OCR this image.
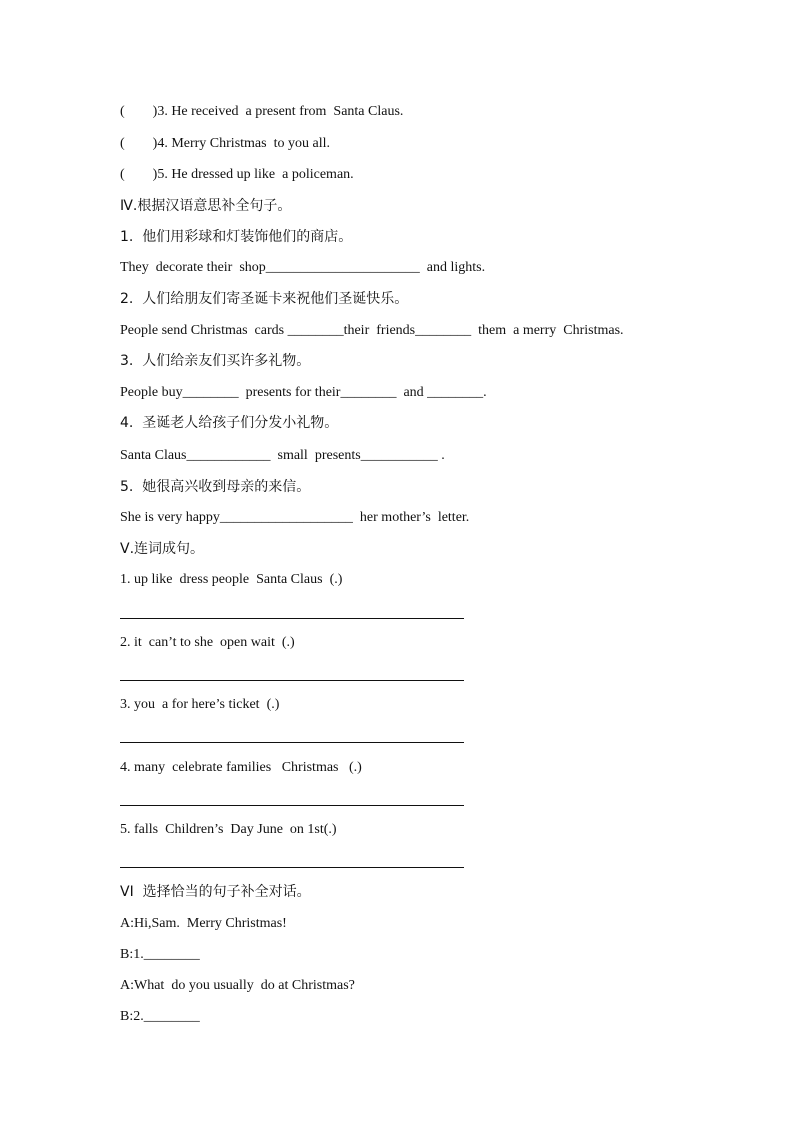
(        )3. He received  a present from  Santa Claus.
(        )4. Merry Christmas  to you all.
(        )5. He dressed up like  a policeman.
Ⅳ.根据汉语意思补全句子。
1.  他们用彩球和灯装饰他们的商店。
They  decorate their  shop______________________  and lights.
2.  人们给朋友们寄圣诞卡来祝他们圣诞快乐。
People send Christmas  cards ________their  friends________  them  a merry  Christmas.
3.  人们给亲友们买许多礼物。
People buy________  presents for their________  and ________.
4.  圣诞老人给孩子们分发小礼物。
Santa Claus____________  small  presents___________ .
5.  她很高兴收到母亲的来信。
She is very happy___________________  her mother’s  letter.
Ⅴ.连词成句。
1. up like  dress people  Santa Claus  (.)
2. it  can’t to she  open wait  (.)
3. you  a for here’s ticket  (.)
4. many  celebrate families   Christmas   (.)
5. falls  Children’s  Day June  on 1st(.)
VI  选择恰当的句子补全对话。
A:Hi,Sam.  Merry Christmas!
B:1.________
A:What  do you usually  do at Christmas?
B:2.________
